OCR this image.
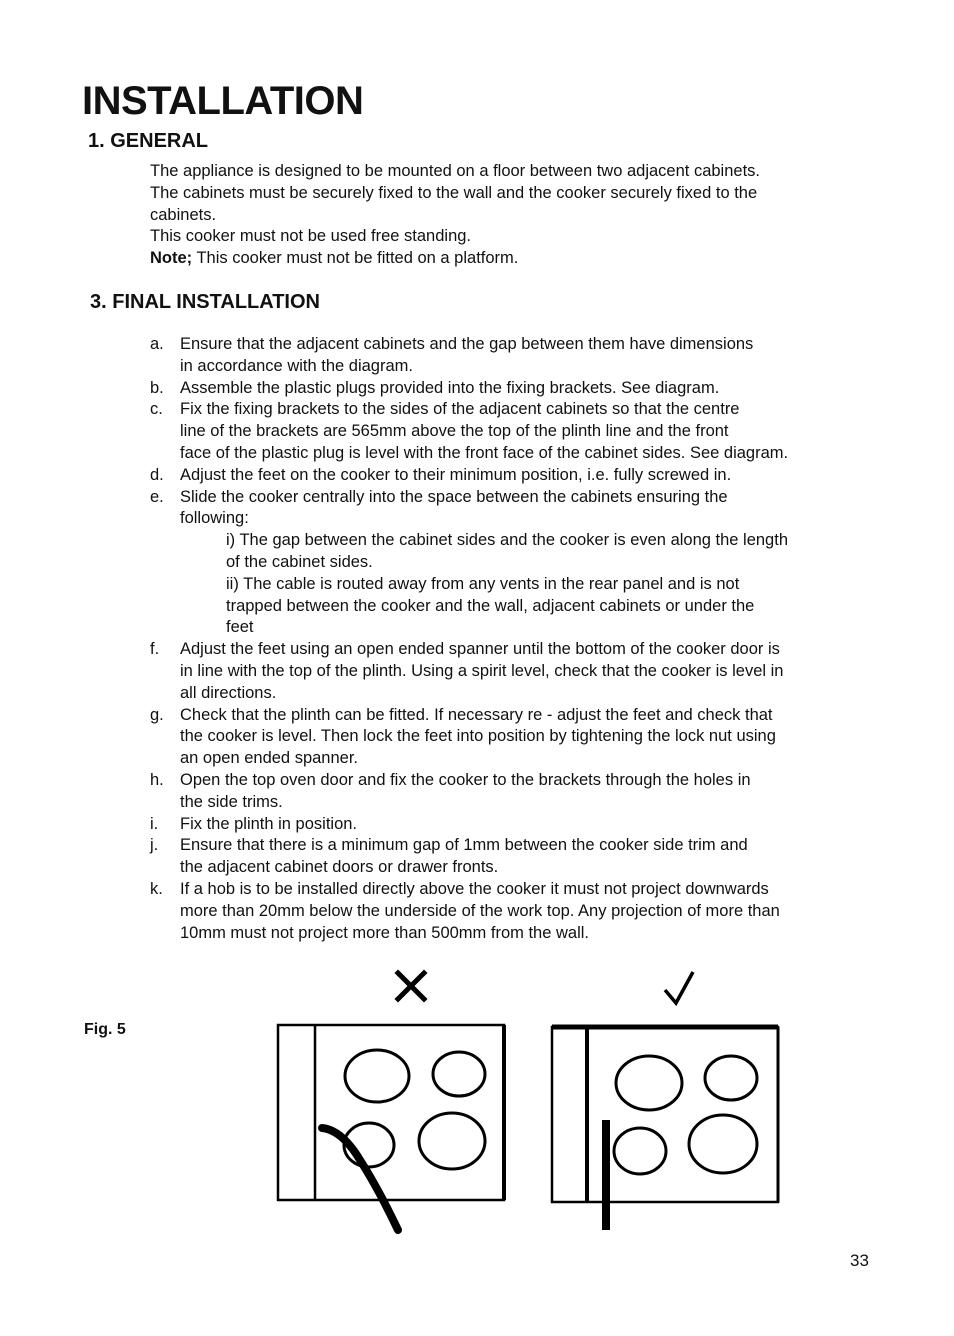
INSTALLATION
1. GENERAL
The appliance is designed to be mounted on a floor between two adjacent cabinets.
The cabinets must be securely fixed to the wall and the cooker securely fixed to the
cabinets.
This cooker must not be used free standing.
Note; This cooker must not be fitted on a platform.
3. FINAL INSTALLATION
a. Ensure that the adjacent cabinets and the gap between them have dimensions
in accordance with the diagram.
b. Assemble the plastic plugs provided into the fixing brackets. See diagram.
c. Fix the fixing brackets to the sides of the adjacent cabinets so that the centre
line of the brackets are 565mm above the top of the plinth line and the front
face of the plastic plug is level with the front face of the cabinet sides. See diagram.
d. Adjust the feet on the cooker to their minimum position, i.e. fully screwed in.
e. Slide the cooker centrally into the space between the cabinets ensuring the
following:
i) The gap between the cabinet sides and the cooker is even along the length
of the cabinet sides.
ii) The cable is routed away from any vents in the rear panel and is not
trapped between the cooker and the wall, adjacent cabinets or under the
feet
f. Adjust the feet using an open ended spanner until the bottom of the cooker door is
in line with the top of the plinth. Using a spirit level, check that the cooker is level in
all directions.
g. Check that the plinth can be fitted. If necessary re - adjust the feet and check that
the cooker is level. Then lock the feet into position by tightening the lock nut using
an open ended spanner.
h. Open the top oven door and fix the cooker to the brackets through the holes in
the side trims.
i. Fix the plinth in position.
j. Ensure that there is a minimum gap of 1mm between the cooker side trim and
the adjacent cabinet doors or drawer fronts.
k. If a hob is to be installed directly above the cooker it must not project downwards
more than 20mm below the underside of the work top. Any projection of more than
10mm must not project more than 500mm from the wall.
Fig. 5
33
